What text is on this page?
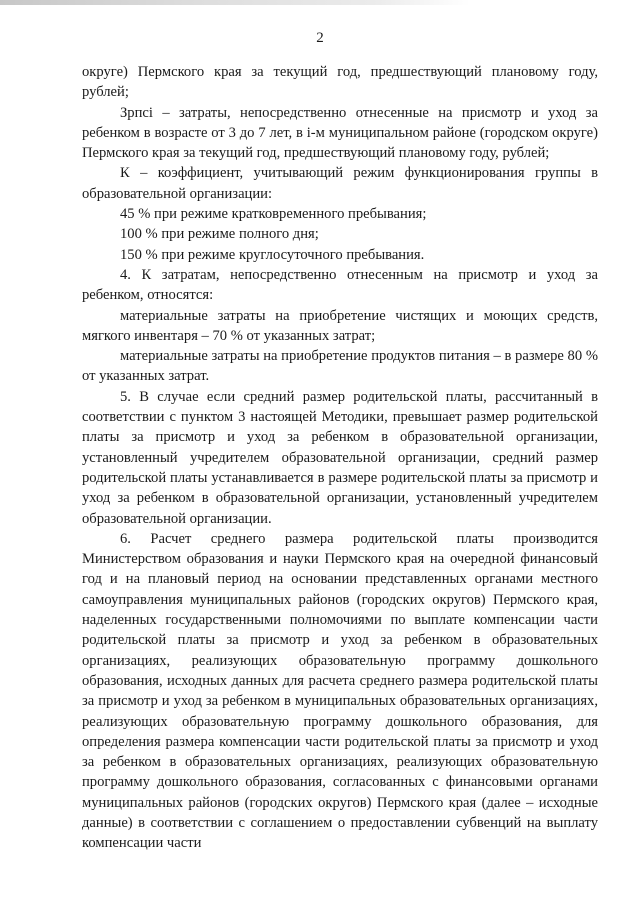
2

округе) Пермского края за текущий год, предшествующий плановому году, рублей;

Зрпсі – затраты, непосредственно отнесенные на присмотр и уход за ребенком в возрасте от 3 до 7 лет, в i-м муниципальном районе (городском округе) Пермского края за текущий год, предшествующий плановому году, рублей;

К – коэффициент, учитывающий режим функционирования группы в образовательной организации:

45 % при режиме кратковременного пребывания;

100 % при режиме полного дня;

150 % при режиме круглосуточного пребывания.

4. К затратам, непосредственно отнесенным на присмотр и уход за ребенком, относятся:

материальные затраты на приобретение чистящих и моющих средств, мягкого инвентаря – 70 % от указанных затрат;

материальные затраты на приобретение продуктов питания – в размере 80 % от указанных затрат.

5. В случае если средний размер родительской платы, рассчитанный в соответствии с пунктом 3 настоящей Методики, превышает размер родительской платы за присмотр и уход за ребенком в образовательной организации, установленный учредителем образовательной организации, средний размер родительской платы устанавливается в размере родительской платы за присмотр и уход за ребенком в образовательной организации, установленный учредителем образовательной организации.

6. Расчет среднего размера родительской платы производится Министерством образования и науки Пермского края на очередной финансовый год и на плановый период на основании представленных органами местного самоуправления муниципальных районов (городских округов) Пермского края, наделенных государственными полномочиями по выплате компенсации части родительской платы за присмотр и уход за ребенком в образовательных организациях, реализующих образовательную программу дошкольного образования, исходных данных для расчета среднего размера родительской платы за присмотр и уход за ребенком в муниципальных образовательных организациях, реализующих образовательную программу дошкольного образования, для определения размера компенсации части родительской платы за присмотр и уход за ребенком в образовательных организациях, реализующих образовательную программу дошкольного образования, согласованных с финансовыми органами муниципальных районов (городских округов) Пермского края (далее – исходные данные) в соответствии с соглашением о предоставлении субвенций на выплату компенсации части
